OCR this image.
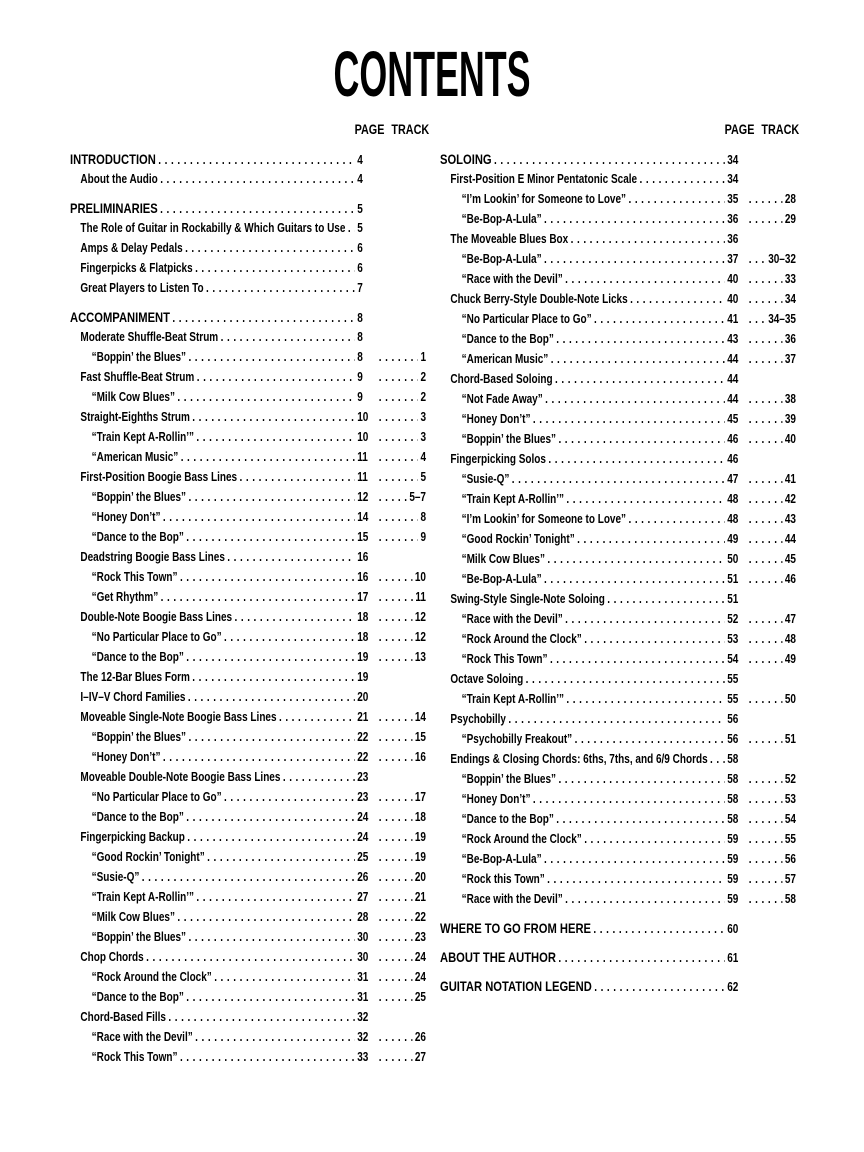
CONTENTS
PAGE TRACK
INTRODUCTION . . .	4
About the Audio . . .	4
PRELIMINARIES . . .	5
The Role of Guitar in Rockabilly & Which Guitars to Use . . . 5
Amps & Delay Pedals . . .	6
Fingerpicks & Flatpicks . . .	6
Great Players to Listen To . . .	7
ACCOMPANIMENT . . .	8
Moderate Shuffle-Beat Strum . . .	8
“Boppin’ the Blues” . . .	8 . . .	1
Fast Shuffle-Beat Strum . . .	9 . . .	2
“Milk Cow Blues” . . .	9 . . .	2
Straight-Eighths Strum . . .	10 . . .	3
“Train Kept A-Rollin’” . . .	10 . . .	3
“American Music” . . .	11 . . .	4
First-Position Boogie Bass Lines . . .	11 . . .	5
“Boppin’ the Blues” . . .	12 . . .	5–7
“Honey Don’t” . . .	14 . . .	8
“Dance to the Bop” . . .	15 . . .	9
Deadstring Boogie Bass Lines . . .	16
“Rock This Town” . . .	16 . . .	10
“Get Rhythm” . . .	17 . . .	11
Double-Note Boogie Bass Lines . . .	18 . . .	12
“No Particular Place to Go” . . .	18 . . .	12
“Dance to the Bop” . . .	19 . . .	13
The 12-Bar Blues Form . . .	19
I–IV–V Chord Families . . .	20
Moveable Single-Note Boogie Bass Lines . . .	21 . . .	14
“Boppin’ the Blues” . . .	22 . . .	15
“Honey Don’t” . . .	22 . . .	16
Moveable Double-Note Boogie Bass Lines . . .	23
“No Particular Place to Go” . . .	23 . . .	17
“Dance to the Bop” . . .	24 . . .	18
Fingerpicking Backup . . .	24 . . .	19
“Good Rockin’ Tonight” . . .	25 . . .	19
“Susie-Q” . . .	26 . . .	20
“Train Kept A-Rollin’” . . .	27 . . .	21
“Milk Cow Blues” . . .	28 . . .	22
“Boppin’ the Blues” . . .	30 . . .	23
Chop Chords . . .	30 . . .	24
“Rock Around the Clock” . . .	31 . . .	24
“Dance to the Bop” . . .	31 . . .	25
Chord-Based Fills . . .	32
“Race with the Devil” . . .	32 . . .	26
“Rock This Town” . . .	33 . . .	27
PAGE TRACK
SOLOING . . .	34
First-Position E Minor Pentatonic Scale . . .	34
“I’m Lookin’ for Someone to Love” . . .	35 . . .	28
“Be-Bop-A-Lula” . . .	36 . . .	29
The Moveable Blues Box . . .	36
“Be-Bop-A-Lula” . . .	37 . . .	30–32
“Race with the Devil” . . .	40 . . .	33
Chuck Berry-Style Double-Note Licks . . .	40 . . .	34
“No Particular Place to Go” . . .	41 . . .	34–35
“Dance to the Bop” . . .	43 . . .	36
“American Music” . . .	44 . . .	37
Chord-Based Soloing . . .	44
“Not Fade Away” . . .	44 . . .	38
“Honey Don’t” . . .	45 . . .	39
“Boppin’ the Blues” . . .	46 . . .	40
Fingerpicking Solos . . .	46
“Susie-Q” . . .	47 . . .	41
“Train Kept A-Rollin’” . . .	48 . . .	42
“I’m Lookin’ for Someone to Love” . . .	48 . . .	43
“Good Rockin’ Tonight” . . .	49 . . .	44
“Milk Cow Blues” . . .	50 . . .	45
“Be-Bop-A-Lula” . . .	51 . . .	46
Swing-Style Single-Note Soloing . . .	51
“Race with the Devil” . . .	52 . . .	47
“Rock Around the Clock” . . .	53 . . .	48
“Rock This Town” . . .	54 . . .	49
Octave Soloing . . .	55
“Train Kept A-Rollin’” . . .	55 . . .	50
Psychobilly . . .	56
“Psychobilly Freakout” . . .	56 . . .	51
Endings & Closing Chords: 6ths, 7ths, and 6/9 Chords . . . 58
“Boppin’ the Blues” . . .	58 . . .	52
“Honey Don’t” . . .	58 . . .	53
“Dance to the Bop” . . .	58 . . .	54
“Rock Around the Clock” . . .	59 . . .	55
“Be-Bop-A-Lula” . . .	59 . . .	56
“Rock this Town” . . .	59 . . .	57
“Race with the Devil” . . .	59 . . .	58
WHERE TO GO FROM HERE . . .	60
ABOUT THE AUTHOR . . .	61
GUITAR NOTATION LEGEND . . .	62
